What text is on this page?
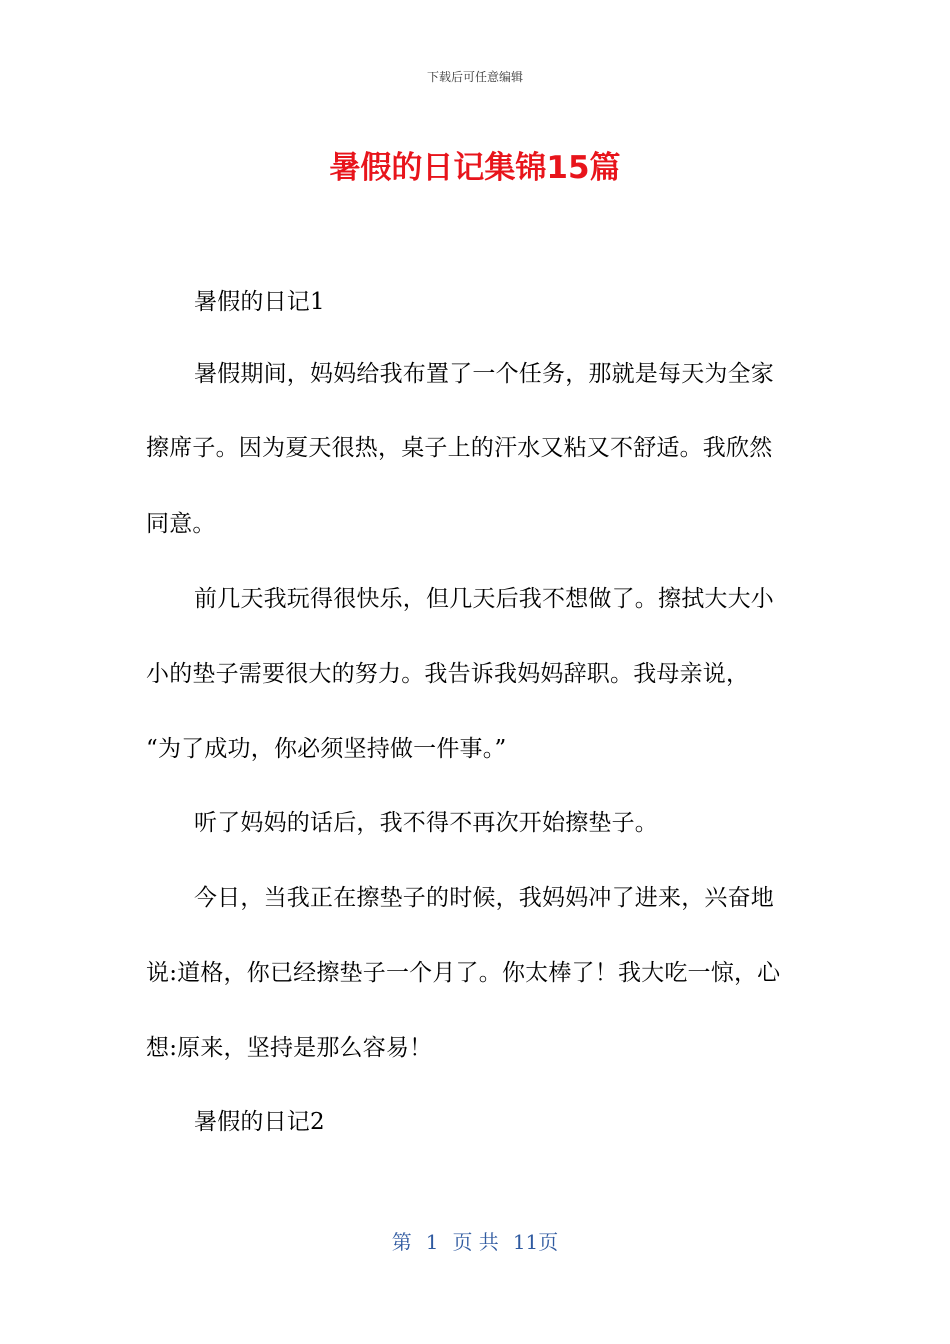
下载后可任意编辑
暑假的日记集锦15篇
暑假的日记1
暑假期间，妈妈给我布置了一个任务，那就是每天为全家
擦席子。因为夏天很热，桌子上的汗水又粘又不舒适。我欣然
同意。
前几天我玩得很快乐，但几天后我不想做了。擦拭大大小
小的垫子需要很大的努力。我告诉我妈妈辞职。我母亲说，
“为了成功，你必须坚持做一件事。”
听了妈妈的话后，我不得不再次开始擦垫子。
今日，当我正在擦垫子的时候，我妈妈冲了进来，兴奋地
说:道格，你已经擦垫子一个月了。你太棒了！我大吃一惊，心
想:原来，坚持是那么容易！
暑假的日记2
第 1 页 共 11页
